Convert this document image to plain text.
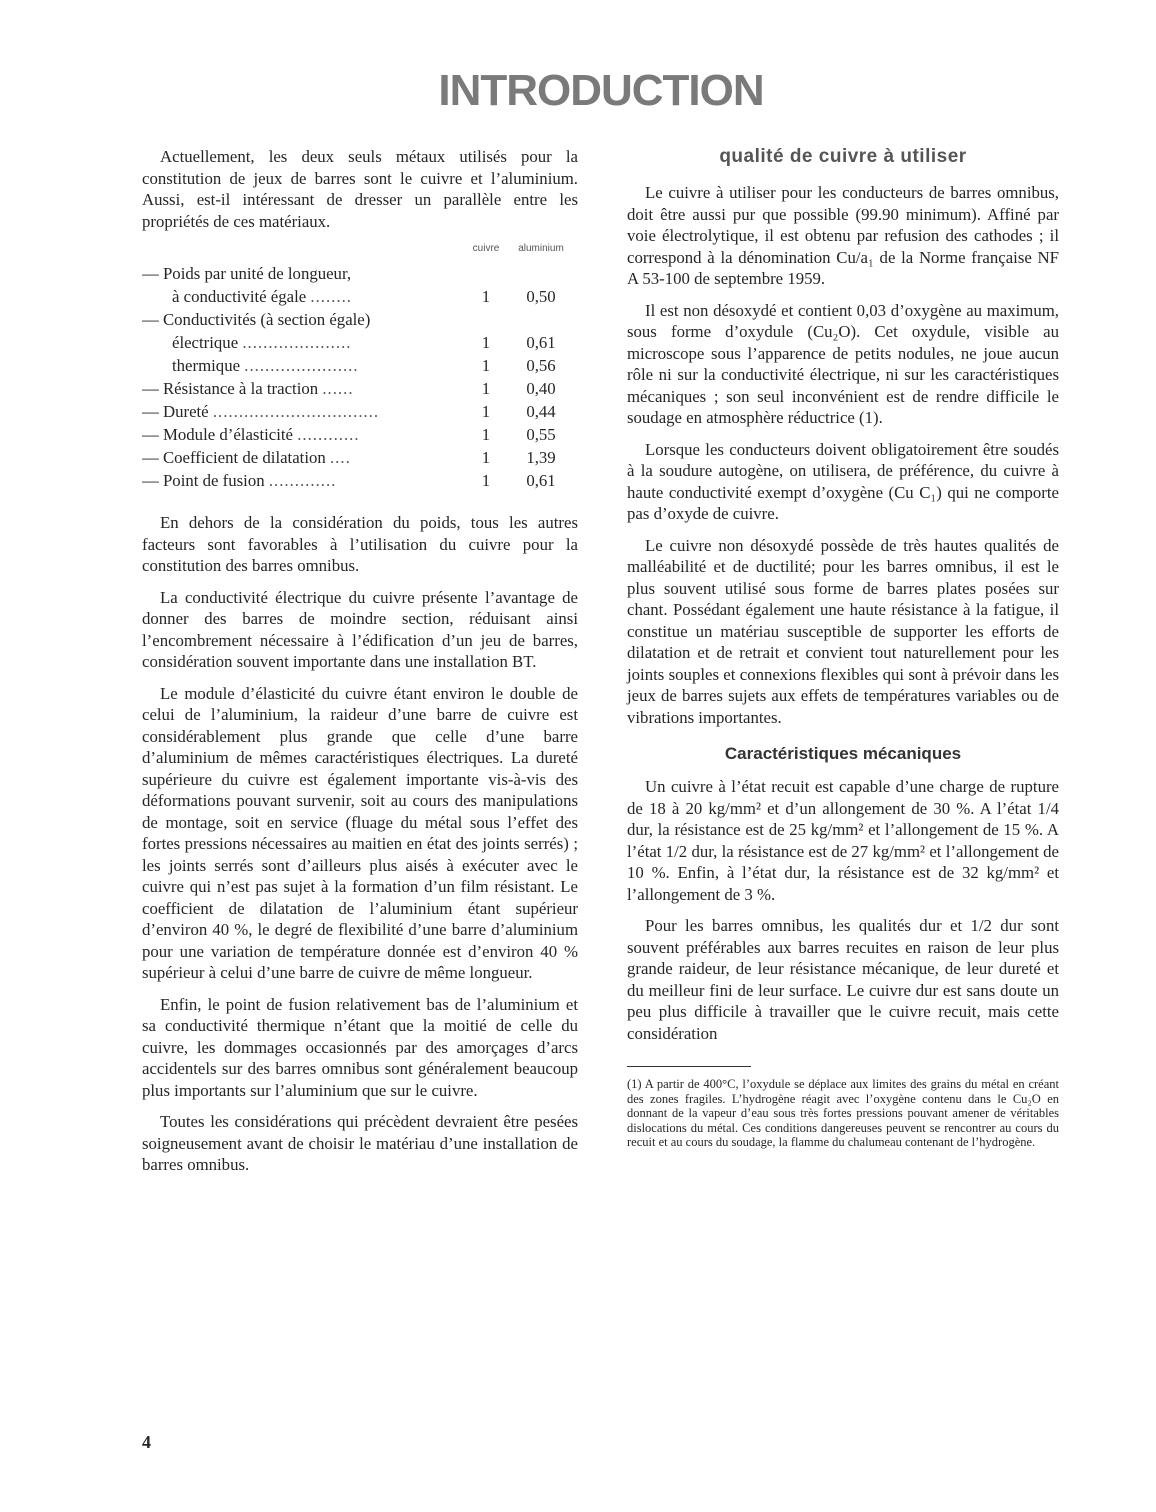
INTRODUCTION

Actuellement, les deux seuls métaux utilisés pour la constitution de jeux de barres sont le cuivre et l’aluminium. Aussi, est-il intéressant de dresser un parallèle entre les propriétés de ces matériaux.

	cuivre	aluminium
— Poids par unité de longueur,		
à conductivité égale ........	1	0,50
— Conductivités (à section égale)		
électrique .....................	1	0,61
thermique ......................	1	0,56
— Résistance à la traction ......	1	0,40
— Dureté ................................	1	0,44
— Module d’élasticité ............	1	0,55
— Coefficient de dilatation ....	1	1,39
— Point de fusion .............	1	0,61

En dehors de la considération du poids, tous les autres facteurs sont favorables à l’utilisation du cuivre pour la constitution des barres omnibus.

La conductivité électrique du cuivre présente l’avantage de donner des barres de moindre section, réduisant ainsi l’encombrement nécessaire à l’édification d’un jeu de barres, considération souvent importante dans une installation BT.

Le module d’élasticité du cuivre étant environ le double de celui de l’aluminium, la raideur d’une barre de cuivre est considérablement plus grande que celle d’une barre d’aluminium de mêmes caractéristiques électriques. La dureté supérieure du cuivre est également importante vis-à-vis des déformations pouvant survenir, soit au cours des manipulations de montage, soit en service (fluage du métal sous l’effet des fortes pressions nécessaires au maitien en état des joints serrés) ; les joints serrés sont d’ailleurs plus aisés à exécuter avec le cuivre qui n’est pas sujet à la formation d’un film résistant. Le coefficient de dilatation de l’aluminium étant supérieur d’environ 40 %, le degré de flexibilité d’une barre d’aluminium pour une variation de température donnée est d’environ 40 % supérieur à celui d’une barre de cuivre de même longueur.

Enfin, le point de fusion relativement bas de l’aluminium et sa conductivité thermique n’étant que la moitié de celle du cuivre, les dommages occasionnés par des amorçages d’arcs accidentels sur des barres omnibus sont généralement beaucoup plus importants sur l’aluminium que sur le cuivre.

Toutes les considérations qui précèdent devraient être pesées soigneusement avant de choisir le matériau d’une installation de barres omnibus.

qualité de cuivre à utiliser

Le cuivre à utiliser pour les conducteurs de barres omnibus, doit être aussi pur que possible (99.90 minimum). Affiné par voie électrolytique, il est obtenu par refusion des cathodes ; il correspond à la dénomination Cu/a₁ de la Norme française NF A 53-100 de septembre 1959.

Il est non désoxydé et contient 0,03 d’oxygène au maximum, sous forme d’oxydule (Cu₂O). Cet oxydule, visible au microscope sous l’apparence de petits nodules, ne joue aucun rôle ni sur la conductivité électrique, ni sur les caractéristiques mécaniques ; son seul inconvénient est de rendre difficile le soudage en atmosphère réductrice (1).

Lorsque les conducteurs doivent obligatoirement être soudés à la soudure autogène, on utilisera, de préférence, du cuivre à haute conductivité exempt d’oxygène (Cu C₁) qui ne comporte pas d’oxyde de cuivre.

Le cuivre non désoxydé possède de très hautes qualités de malléabilité et de ductilité; pour les barres omnibus, il est le plus souvent utilisé sous forme de barres plates posées sur chant. Possédant également une haute résistance à la fatigue, il constitue un matériau susceptible de supporter les efforts de dilatation et de retrait et convient tout naturellement pour les joints souples et connexions flexibles qui sont à prévoir dans les jeux de barres sujets aux effets de températures variables ou de vibrations importantes.

Caractéristiques mécaniques

Un cuivre à l’état recuit est capable d’une charge de rupture de 18 à 20 kg/mm² et d’un allongement de 30 %. A l’état 1/4 dur, la résistance est de 25 kg/mm² et l’allongement de 15 %. A l’état 1/2 dur, la résistance est de 27 kg/mm² et l’allongement de 10 %. Enfin, à l’état dur, la résistance est de 32 kg/mm² et l’allongement de 3 %.

Pour les barres omnibus, les qualités dur et 1/2 dur sont souvent préférables aux barres recuites en raison de leur plus grande raideur, de leur résistance mécanique, de leur dureté et du meilleur fini de leur surface. Le cuivre dur est sans doute un peu plus difficile à travailler que le cuivre recuit, mais cette considération

(1) A partir de 400°C, l’oxydule se déplace aux limites des grains du métal en créant des zones fragiles. L’hydrogène réagit avec l’oxygène contenu dans le Cu₂O en donnant de la vapeur d’eau sous très fortes pressions pouvant amener de véritables dislocations du métal. Ces conditions dangereuses peuvent se rencontrer au cours du recuit et au cours du soudage, la flamme du chalumeau contenant de l’hydrogène.

4
